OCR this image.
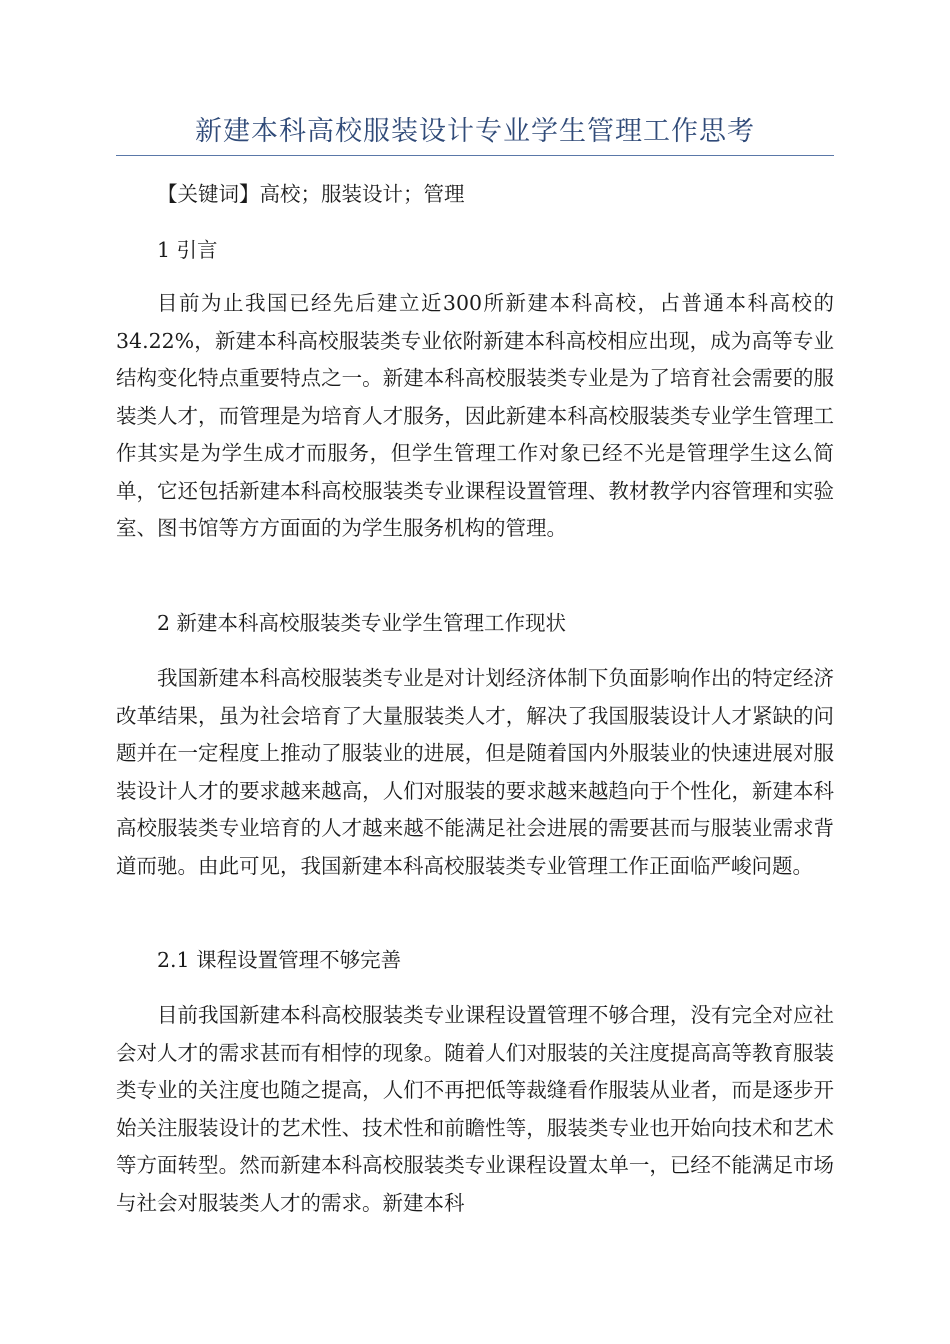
新建本科高校服装设计专业学生管理工作思考

【关键词】高校；服装设计；管理

1 引言

目前为止我国已经先后建立近300所新建本科高校，占普通本科高校的34.22%，新建本科高校服装类专业依附新建本科高校相应出现，成为高等专业结构变化特点重要特点之一。新建本科高校服装类专业是为了培育社会需要的服装类人才，而管理是为培育人才服务，因此新建本科高校服装类专业学生管理工作其实是为学生成才而服务，但学生管理工作对象已经不光是管理学生这么简单，它还包括新建本科高校服装类专业课程设置管理、教材教学内容管理和实验室、图书馆等方方面面的为学生服务机构的管理。

2 新建本科高校服装类专业学生管理工作现状

我国新建本科高校服装类专业是对计划经济体制下负面影响作出的特定经济改革结果，虽为社会培育了大量服装类人才，解决了我国服装设计人才紧缺的问题并在一定程度上推动了服装业的进展，但是随着国内外服装业的快速进展对服装设计人才的要求越来越高，人们对服装的要求越来越趋向于个性化，新建本科高校服装类专业培育的人才越来越不能满足社会进展的需要甚而与服装业需求背道而驰。由此可见，我国新建本科高校服装类专业管理工作正面临严峻问题。

2.1 课程设置管理不够完善

目前我国新建本科高校服装类专业课程设置管理不够合理，没有完全对应社会对人才的需求甚而有相悖的现象。随着人们对服装的关注度提高高等教育服装类专业的关注度也随之提高，人们不再把低等裁缝看作服装从业者，而是逐步开始关注服装设计的艺术性、技术性和前瞻性等，服装类专业也开始向技术和艺术等方面转型。然而新建本科高校服装类专业课程设置太单一，已经不能满足市场与社会对服装类人才的需求。新建本科
